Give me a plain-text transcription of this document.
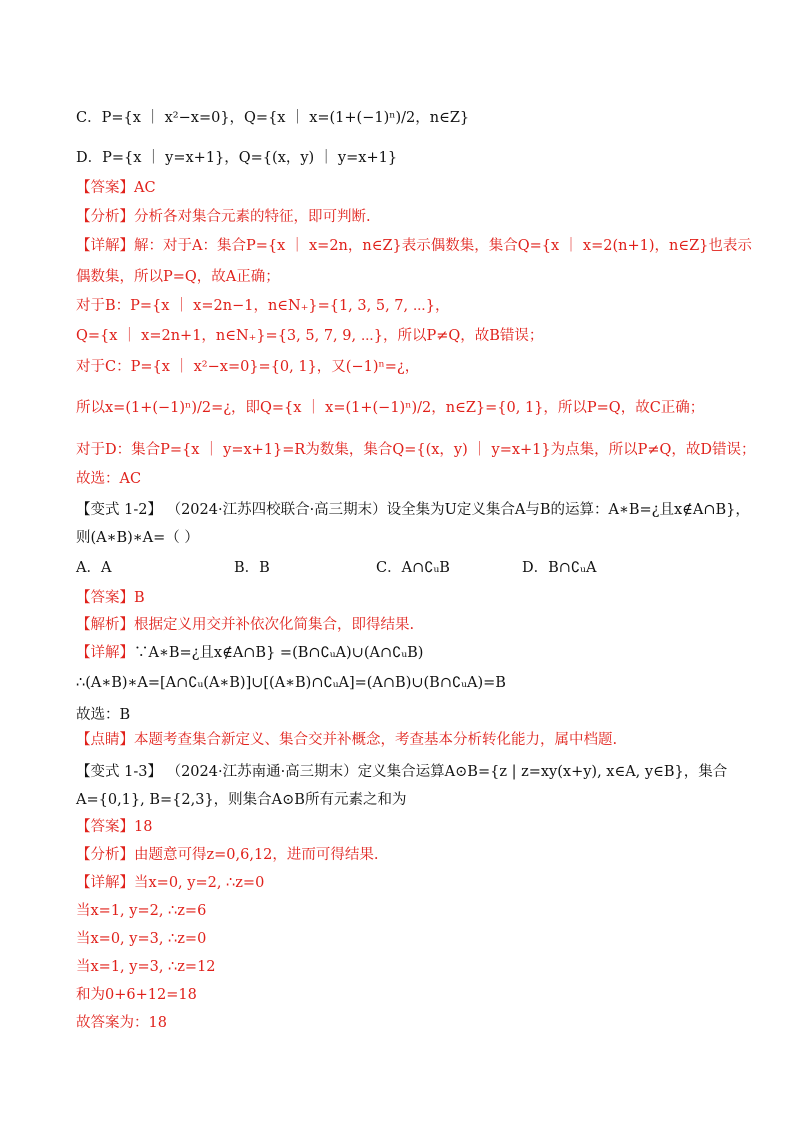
C．P={x ｜ x²−x=0}，Q={x ｜ x=(1+(−1)ⁿ)/2，n∈Z}
D．P={x ｜ y=x+1}，Q={(x，y) ｜ y=x+1}
【答案】AC
【分析】分析各对集合元素的特征，即可判断.
【详解】解：对于A：集合P={x ｜ x=2n，n∈Z}表示偶数集，集合Q={x ｜ x=2(n+1)，n∈Z}也表示
偶数集，所以P=Q，故A正确；
对于B：P={x ｜ x=2n−1，n∈N₊}={1, 3, 5, 7, ⋯}，
Q={x ｜ x=2n+1，n∈N₊}={3, 5, 7, 9, ⋯}，所以P≠Q，故B错误；
对于C：P={x ｜ x²−x=0}={0, 1}，又(−1)ⁿ=¿，
所以x=(1+(−1)ⁿ)/2=¿，即Q={x ｜ x=(1+(−1)ⁿ)/2，n∈Z}={0, 1}，所以P=Q，故C正确；
对于D：集合P={x ｜ y=x+1}=R为数集，集合Q={(x，y) ｜ y=x+1}为点集，所以P≠Q，故D错误；
故选：AC
【变式 1-2】 （2024·江苏四校联合·高三期末）设全集为U定义集合A与B的运算：A∗B=¿且x∉A∩B}，
则(A∗B)∗A=（ ）
A．A	B．B	C．A∩∁ᵤB	D．B∩∁ᵤA
【答案】B
【解析】根据定义用交并补依次化简集合，即得结果.
【详解】∵A∗B=¿且x∉A∩B} =(B∩∁ᵤA)∪(A∩∁ᵤB)
∴(A∗B)∗A=[A∩∁ᵤ(A∗B)]∪[(A∗B)∩∁ᵤA]=(A∩B)∪(B∩∁ᵤA)=B
故选：B
【点睛】本题考查集合新定义、集合交并补概念，考查基本分析转化能力，属中档题.
【变式 1-3】 （2024·江苏南通·高三期末）定义集合运算A⊙B={z | z=xy(x+y), x∈A, y∈B}，集合
A={0,1}, B={2,3}，则集合A⊙B所有元素之和为
【答案】18
【分析】由题意可得z=0,6,12，进而可得结果.
【详解】当x=0, y=2, ∴z=0
当x=1, y=2, ∴z=6
当x=0, y=3, ∴z=0
当x=1, y=3, ∴z=12
和为0+6+12=18
故答案为：18
